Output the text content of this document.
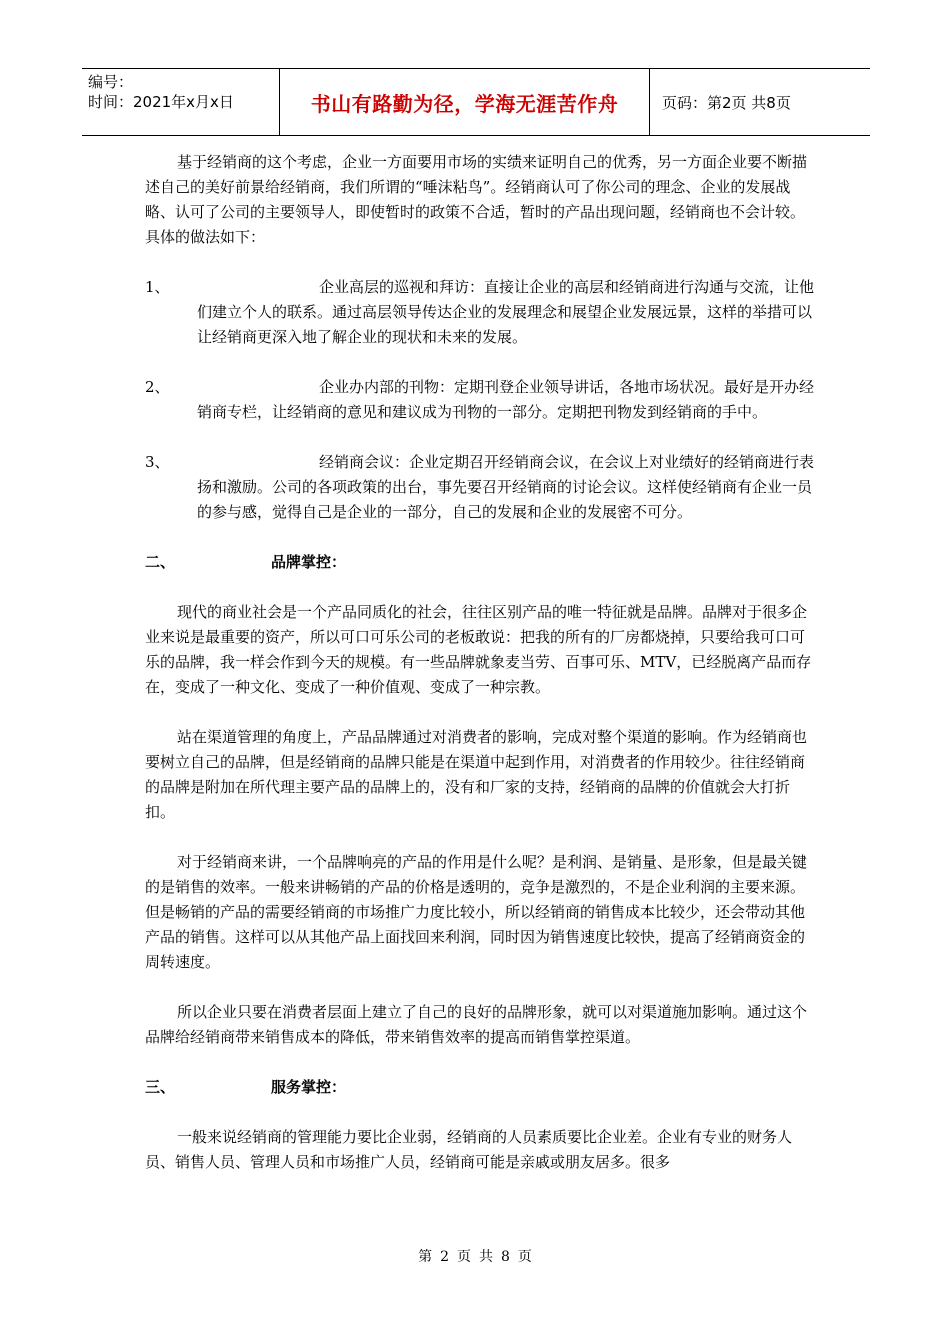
编号：
时间：2021年x月x日	书山有路勤为径，学海无涯苦作舟	页码：第2页 共8页

基于经销商的这个考虑，企业一方面要用市场的实绩来证明自己的优秀，另一方面企业要不断描述自己的美好前景给经销商，我们所谓的“唾沫粘鸟”。经销商认可了你公司的理念、企业的发展战略、认可了公司的主要领导人，即使暂时的政策不合适，暂时的产品出现问题，经销商也不会计较。具体的做法如下：

1、	企业高层的巡视和拜访：直接让企业的高层和经销商进行沟通与交流，让他们建立个人的联系。通过高层领导传达企业的发展理念和展望企业发展远景，这样的举措可以让经销商更深入地了解企业的现状和未来的发展。

2、	企业办内部的刊物：定期刊登企业领导讲话，各地市场状况。最好是开办经销商专栏，让经销商的意见和建议成为刊物的一部分。定期把刊物发到经销商的手中。

3、	经销商会议：企业定期召开经销商会议，在会议上对业绩好的经销商进行表扬和激励。公司的各项政策的出台，事先要召开经销商的讨论会议。这样使经销商有企业一员的参与感，觉得自己是企业的一部分，自己的发展和企业的发展密不可分。

二、	品牌掌控：

现代的商业社会是一个产品同质化的社会，往往区别产品的唯一特征就是品牌。品牌对于很多企业来说是最重要的资产，所以可口可乐公司的老板敢说：把我的所有的厂房都烧掉，只要给我可口可乐的品牌，我一样会作到今天的规模。有一些品牌就象麦当劳、百事可乐、MTV，已经脱离产品而存在，变成了一种文化、变成了一种价值观、变成了一种宗教。

站在渠道管理的角度上，产品品牌通过对消费者的影响，完成对整个渠道的影响。作为经销商也要树立自己的品牌，但是经销商的品牌只能是在渠道中起到作用，对消费者的作用较少。往往经销商的品牌是附加在所代理主要产品的品牌上的，没有和厂家的支持，经销商的品牌的价值就会大打折扣。

对于经销商来讲，一个品牌响亮的产品的作用是什么呢？是利润、是销量、是形象，但是最关键的是销售的效率。一般来讲畅销的产品的价格是透明的，竞争是激烈的，不是企业利润的主要来源。但是畅销的产品的需要经销商的市场推广力度比较小，所以经销商的销售成本比较少，还会带动其他产品的销售。这样可以从其他产品上面找回来利润，同时因为销售速度比较快，提高了经销商资金的周转速度。

所以企业只要在消费者层面上建立了自己的良好的品牌形象，就可以对渠道施加影响。通过这个品牌给经销商带来销售成本的降低，带来销售效率的提高而销售掌控渠道。

三、	服务掌控：

一般来说经销商的管理能力要比企业弱，经销商的人员素质要比企业差。企业有专业的财务人员、销售人员、管理人员和市场推广人员，经销商可能是亲戚或朋友居多。很多

第 2 页 共 8 页
